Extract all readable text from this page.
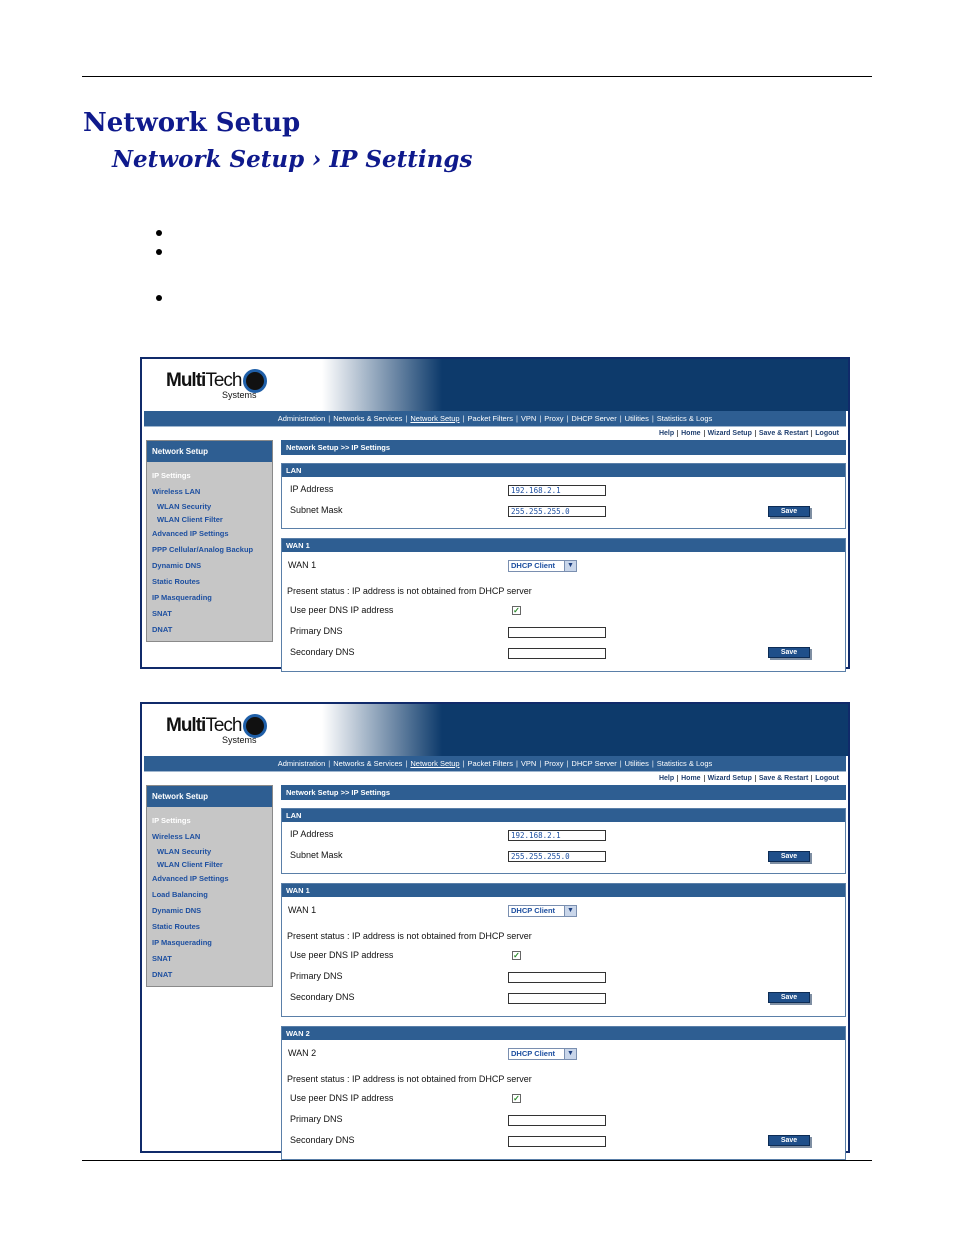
Network Setup
Network Setup › IP Settings
MultiTech
Systems
Administration | Networks & Services | Network Setup | Packet Filters | VPN | Proxy | DHCP Server | Utilities | Statistics & Logs
Help	Home	Wizard Setup	Save & Restart	Logout
Network Setup
IP Settings
Wireless LAN
WLAN Security
WLAN Client Filter
Advanced IP Settings
PPP Cellular/Analog Backup
Dynamic DNS
Static Routes
IP Masquerading
SNAT
DNAT
Network Setup >> IP Settings
LAN
IP Address	192.168.2.1
Subnet Mask	255.255.255.0	Save
WAN 1
WAN 1	DHCP Client	▼
Present status : IP address is not obtained from DHCP server
Use peer DNS IP address	✓
Primary DNS
Secondary DNS	Save
MultiTech
Systems
Administration | Networks & Services | Network Setup | Packet Filters | VPN | Proxy | DHCP Server | Utilities | Statistics & Logs
Help	Home	Wizard Setup	Save & Restart	Logout
Network Setup
IP Settings
Wireless LAN
WLAN Security
WLAN Client Filter
Advanced IP Settings
Load Balancing
Dynamic DNS
Static Routes
IP Masquerading
SNAT
DNAT
Network Setup >> IP Settings
LAN
IP Address	192.168.2.1
Subnet Mask	255.255.255.0	Save
WAN 1
WAN 1	DHCP Client	▼
Present status : IP address is not obtained from DHCP server
Use peer DNS IP address	✓
Primary DNS
Secondary DNS	Save
WAN 2
WAN 2	DHCP Client	▼
Present status : IP address is not obtained from DHCP server
Use peer DNS IP address	✓
Primary DNS
Secondary DNS	Save
